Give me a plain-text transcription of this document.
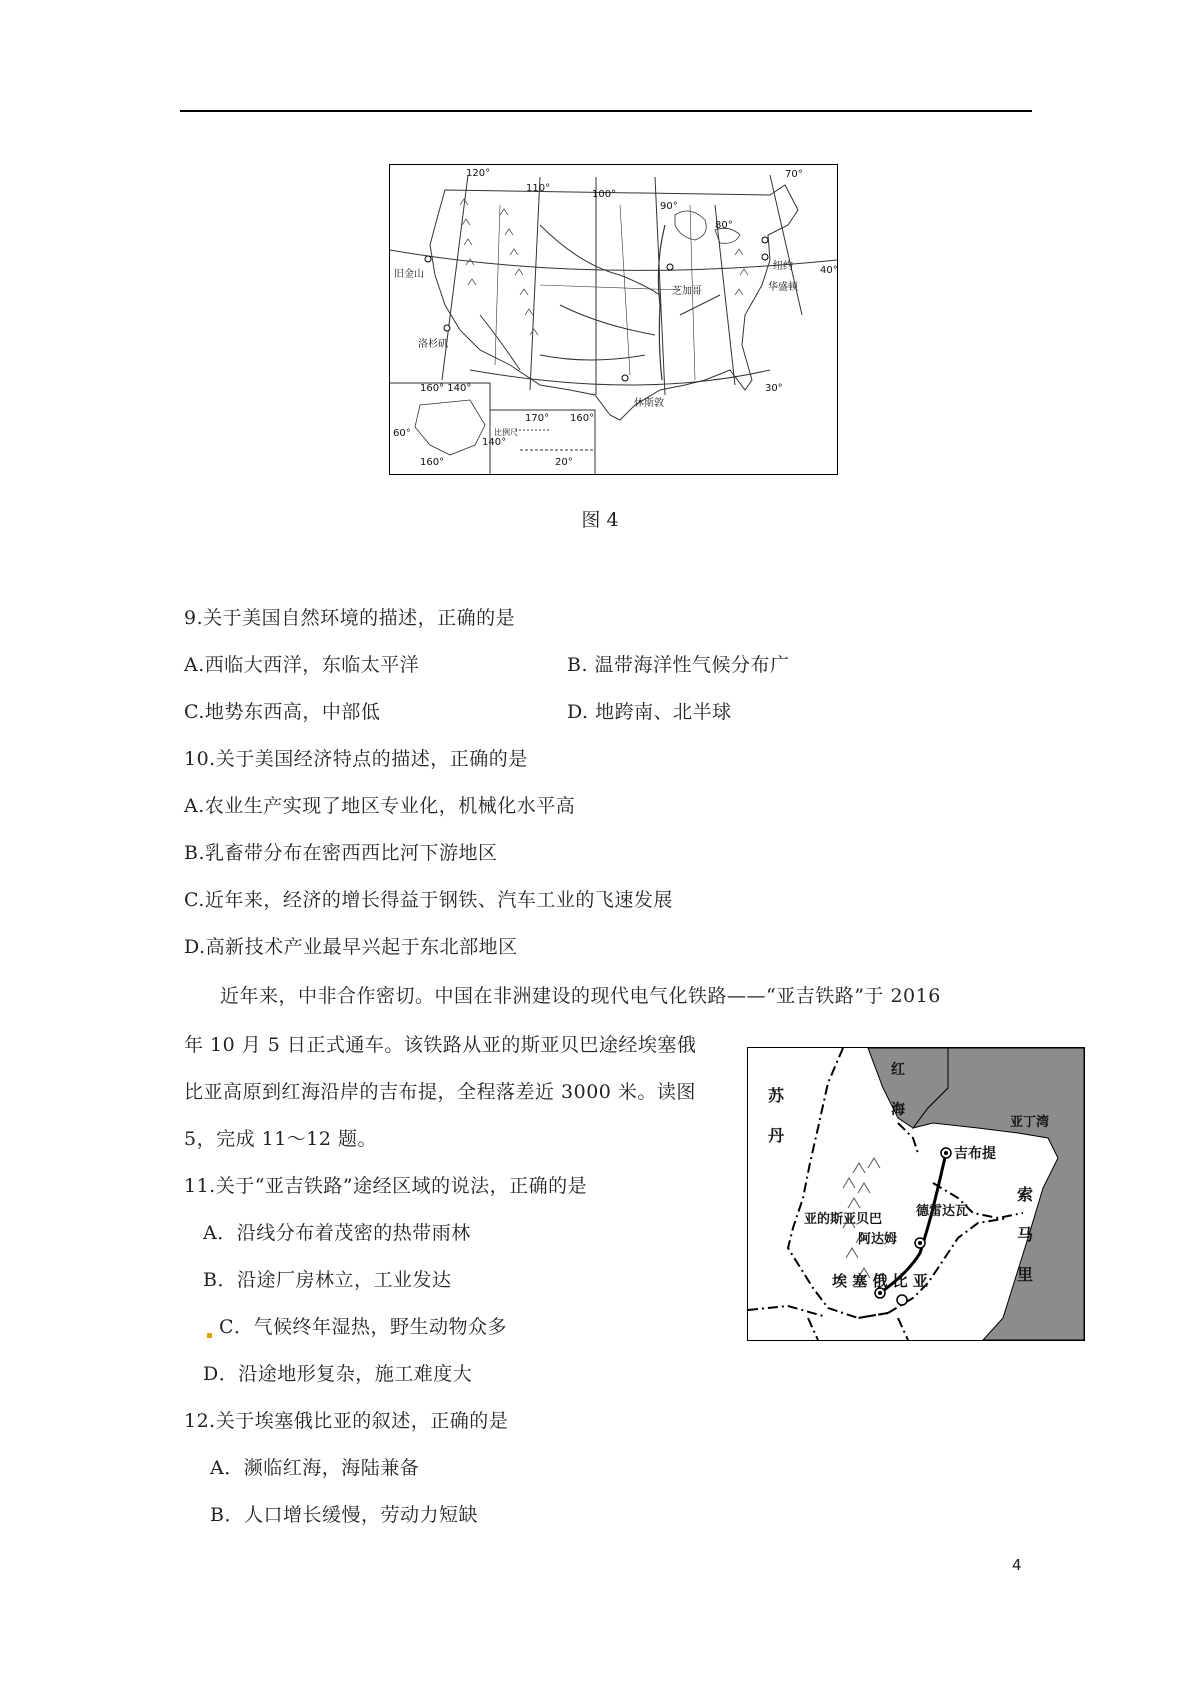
120°
110°
100°
90°
80°
70°
40°
30°
旧金山
洛杉矶
芝加哥
纽约
华盛顿
休斯敦
160° 140°
60°
140°
160°
170° 160°
20°
比例尺
图 4
9.关于美国自然环境的描述，正确的是
A.西临大西洋，东临太平洋	B. 温带海洋性气候分布广
C.地势东西高，中部低	D. 地跨南、北半球
10.关于美国经济特点的描述，正确的是
A.农业生产实现了地区专业化，机械化水平高
B.乳畜带分布在密西西比河下游地区
C.近年来，经济的增长得益于钢铁、汽车工业的飞速发展
D.高新技术产业最早兴起于东北部地区
近年来，中非合作密切。中国在非洲建设的现代电气化铁路——“亚吉铁路”于 2016
年 10 月 5 日正式通车。该铁路从亚的斯亚贝巴途经埃塞俄
比亚高原到红海沿岸的吉布提，全程落差近 3000 米。读图
5，完成 11～12 题。
苏丹
红海
亚丁湾
吉布提
索马里
亚的斯亚贝巴
德雷达瓦
阿达姆
埃 塞 俄 比 亚
11.关于“亚吉铁路”途经区域的说法，正确的是
A．沿线分布着茂密的热带雨林
B．沿途厂房林立，工业发达
C．气候终年湿热，野生动物众多
D．沿途地形复杂，施工难度大
12.关于埃塞俄比亚的叙述，正确的是
A．濒临红海，海陆兼备
B．人口增长缓慢，劳动力短缺
4
